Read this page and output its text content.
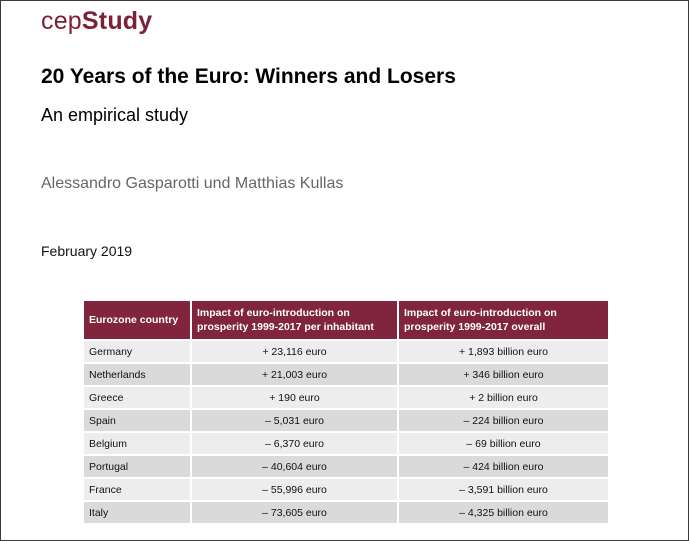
cepStudy
20 Years of the Euro: Winners and Losers
An empirical study
Alessandro Gasparotti und Matthias Kullas
February 2019
Eurozone country	Impact of euro-introduction on prosperity 1999-2017 per inhabitant	Impact of euro-introduction on prosperity 1999-2017 overall
Germany	+ 23,116 euro	+ 1,893 billion euro
Netherlands	+ 21,003 euro	+ 346 billion euro
Greece	+ 190 euro	+ 2 billion euro
Spain	– 5,031 euro	– 224 billion euro
Belgium	– 6,370 euro	– 69 billion euro
Portugal	– 40,604 euro	– 424 billion euro
France	– 55,996 euro	– 3,591 billion euro
Italy	– 73,605 euro	– 4,325 billion euro
